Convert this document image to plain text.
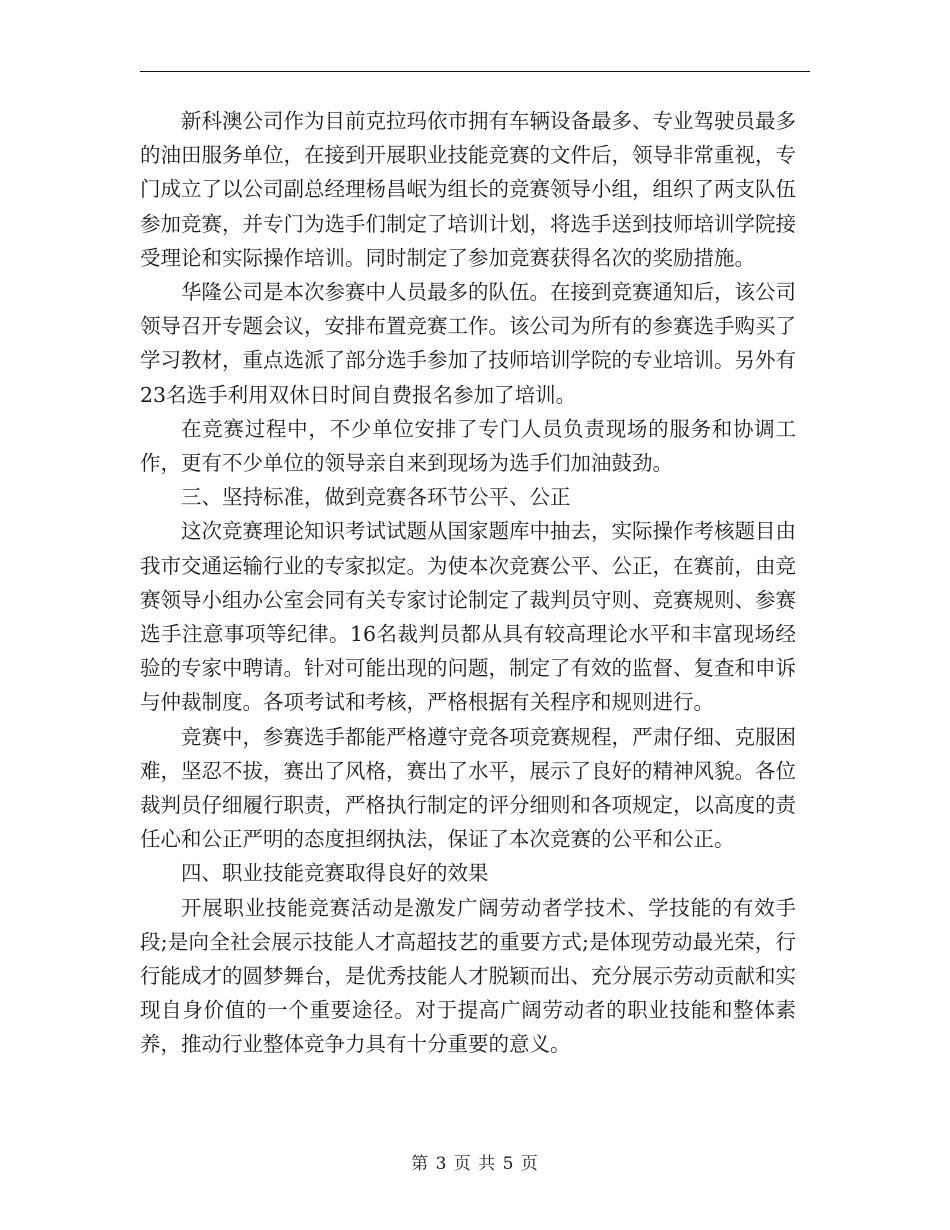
新科澳公司作为目前克拉玛依市拥有车辆设备最多、专业驾驶员最多的油田服务单位，在接到开展职业技能竞赛的文件后，领导非常重视，专门成立了以公司副总经理杨昌岷为组长的竞赛领导小组，组织了两支队伍参加竞赛，并专门为选手们制定了培训计划，将选手送到技师培训学院接受理论和实际操作培训。同时制定了参加竞赛获得名次的奖励措施。

华隆公司是本次参赛中人员最多的队伍。在接到竞赛通知后，该公司领导召开专题会议，安排布置竞赛工作。该公司为所有的参赛选手购买了学习教材，重点选派了部分选手参加了技师培训学院的专业培训。另外有23名选手利用双休日时间自费报名参加了培训。

在竞赛过程中，不少单位安排了专门人员负责现场的服务和协调工作，更有不少单位的领导亲自来到现场为选手们加油鼓劲。

三、坚持标准，做到竞赛各环节公平、公正

这次竞赛理论知识考试试题从国家题库中抽去，实际操作考核题目由我市交通运输行业的专家拟定。为使本次竞赛公平、公正，在赛前，由竞赛领导小组办公室会同有关专家讨论制定了裁判员守则、竞赛规则、参赛选手注意事项等纪律。16名裁判员都从具有较高理论水平和丰富现场经验的专家中聘请。针对可能出现的问题，制定了有效的监督、复查和申诉与仲裁制度。各项考试和考核，严格根据有关程序和规则进行。

竞赛中，参赛选手都能严格遵守竞各项竞赛规程，严肃仔细、克服困难，坚忍不拔，赛出了风格，赛出了水平，展示了良好的精神风貌。各位裁判员仔细履行职责，严格执行制定的评分细则和各项规定，以高度的责任心和公正严明的态度担纲执法，保证了本次竞赛的公平和公正。

四、职业技能竞赛取得良好的效果

开展职业技能竞赛活动是激发广阔劳动者学技术、学技能的有效手段;是向全社会展示技能人才高超技艺的重要方式;是体现劳动最光荣，行行能成才的圆梦舞台，是优秀技能人才脱颖而出、充分展示劳动贡献和实现自身价值的一个重要途径。对于提高广阔劳动者的职业技能和整体素养，推动行业整体竞争力具有十分重要的意义。

第 3 页 共 5 页
